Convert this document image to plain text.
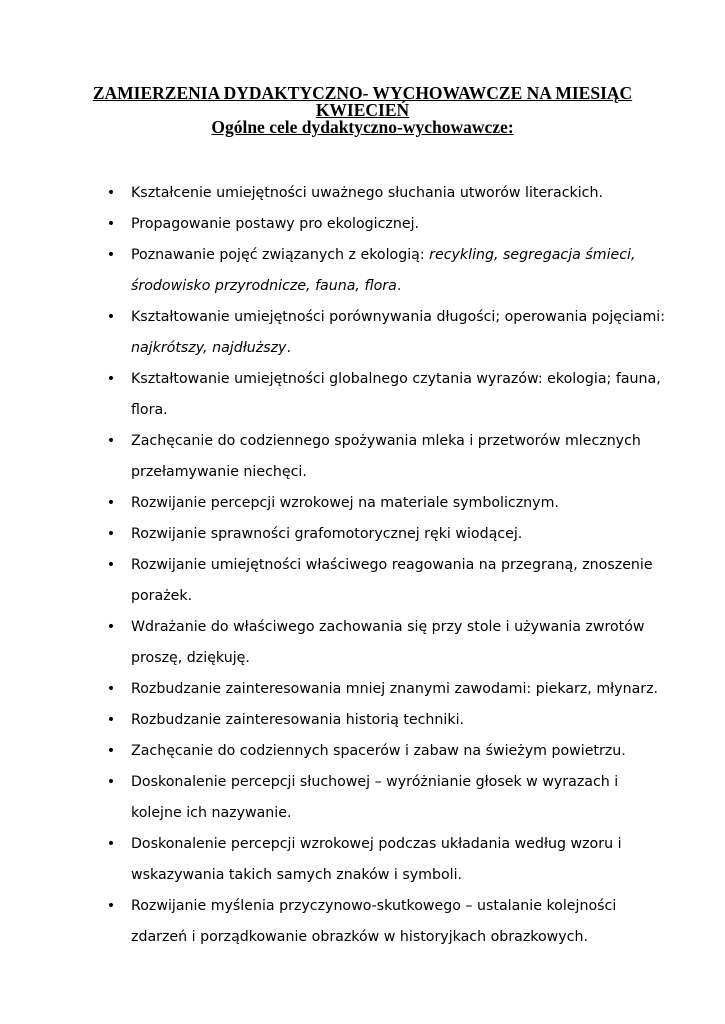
ZAMIERZENIA DYDAKTYCZNO- WYCHOWAWCZE NA MIESIĄC
KWIECIEŃ
Ogólne cele dydaktyczno-wychowawcze:
• Kształcenie umiejętności uważnego słuchania utworów literackich.
• Propagowanie postawy pro ekologicznej.
• Poznawanie pojęć związanych z ekologią: recykling, segregacja śmieci,
środowisko przyrodnicze, fauna, flora.
• Kształtowanie umiejętności porównywania długości; operowania pojęciami:
najkrótszy, najdłuższy.
• Kształtowanie umiejętności globalnego czytania wyrazów: ekologia; fauna,
flora.
• Zachęcanie do codziennego spożywania mleka i przetworów mlecznych
przełamywanie niechęci.
• Rozwijanie percepcji wzrokowej na materiale symbolicznym.
• Rozwijanie sprawności grafomotorycznej ręki wiodącej.
• Rozwijanie umiejętności właściwego reagowania na przegraną, znoszenie
porażek.
• Wdrażanie do właściwego zachowania się przy stole i używania zwrotów
proszę, dziękuję.
• Rozbudzanie zainteresowania mniej znanymi zawodami: piekarz, młynarz.
• Rozbudzanie zainteresowania historią techniki.
• Zachęcanie do codziennych spacerów i zabaw na świeżym powietrzu.
• Doskonalenie percepcji słuchowej – wyróżnianie głosek w wyrazach i
kolejne ich nazywanie.
• Doskonalenie percepcji wzrokowej podczas układania według wzoru i
wskazywania takich samych znaków i symboli.
• Rozwijanie myślenia przyczynowo-skutkowego – ustalanie kolejności
zdarzeń i porządkowanie obrazków w historyjkach obrazkowych.
